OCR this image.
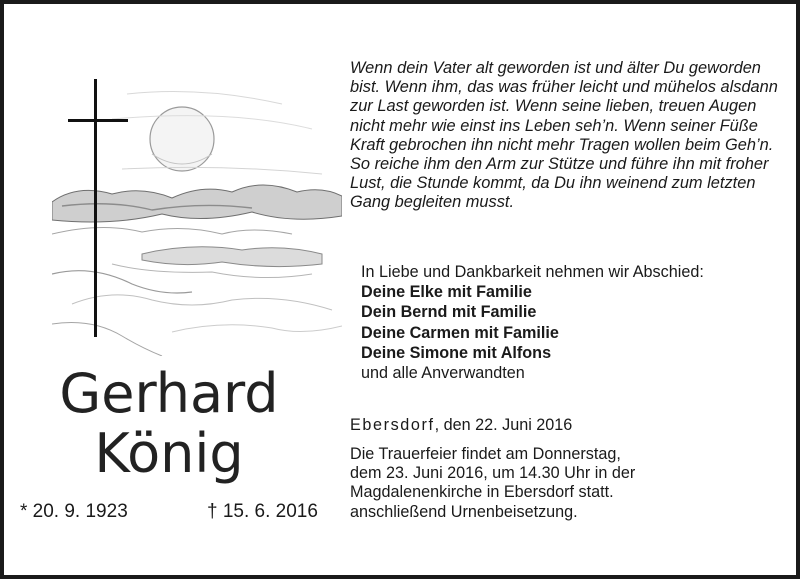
Gerhard
König
* 20. 9. 1923	† 15. 6. 2016

Wenn dein Vater alt geworden ist und älter Du geworden bist. Wenn ihm, das was früher leicht und mühelos alsdann zur Last geworden ist. Wenn seine lieben, treuen Augen nicht mehr wie einst ins Leben seh’n. Wenn seiner Füße Kraft gebrochen ihn nicht mehr Tragen wollen beim Geh’n. So reiche ihm den Arm zur Stütze und führe ihn mit froher Lust, die Stunde kommt, da Du ihn weinend zum letzten Gang begleiten musst.

In Liebe und Dankbarkeit nehmen wir Abschied:
Deine Elke mit Familie
Dein Bernd mit Familie
Deine Carmen mit Familie
Deine Simone mit Alfons
und alle Anverwandten
Ebersdorf, den 22. Juni 2016
Die Trauerfeier findet am Donnerstag,
dem 23. Juni 2016, um 14.30 Uhr in der
Magdalenenkirche in Ebersdorf statt.
anschließend Urnenbeisetzung.
